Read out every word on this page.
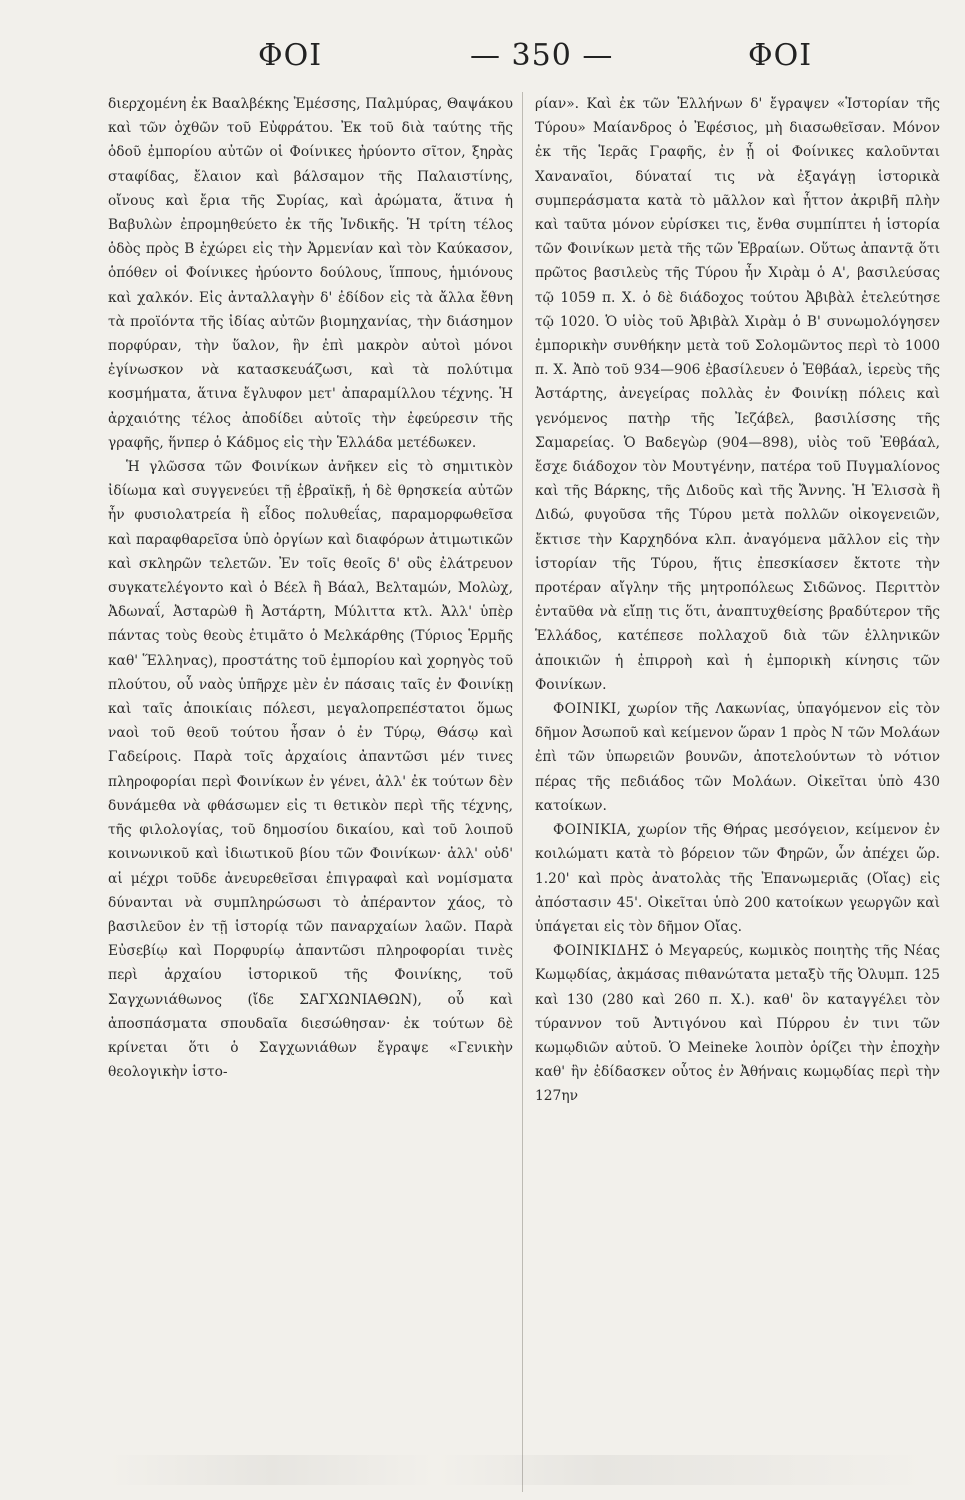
ΦΟΙ	— 350 —	ΦΟΙ

διερχομένη ἐκ Βααλβέκης Ἐμέσσης, Παλμύρας, Θαψάκου καὶ τῶν ὀχθῶν τοῦ Εὐφράτου. Ἐκ τοῦ διὰ ταύτης τῆς ὁδοῦ ἐμπορίου αὐτῶν οἱ Φοίνικες ἠρύοντο σῖτον, ξηρὰς σταφίδας, ἔλαιον καὶ βάλσαμον τῆς Παλαιστίνης, οἴνους καὶ ἔρια τῆς Συρίας, καὶ ἀρώματα, ἅτινα ἡ Βαβυλὼν ἐπρομηθεύετο ἐκ τῆς Ἰνδικῆς. Ἡ τρίτη τέλος ὁδὸς πρὸς Β ἐχώρει εἰς τὴν Ἀρμενίαν καὶ τὸν Καύκασον, ὁπόθεν οἱ Φοίνικες ἠρύοντο δούλους, ἵππους, ἡμιόνους καὶ χαλκόν. Εἰς ἀνταλλαγὴν δ' ἐδίδον εἰς τὰ ἄλλα ἔθνη τὰ προϊόντα τῆς ἰδίας αὐτῶν βιομηχανίας, τὴν διάσημον πορφύραν, τὴν ὕαλον, ἣν ἐπὶ μακρὸν αὐτοὶ μόνοι ἐγίνωσκον νὰ κατασκευάζωσι, καὶ τὰ πολύτιμα κοσμήματα, ἅτινα ἔγλυφον μετ' ἀπαραμίλλου τέχνης. Ἡ ἀρχαιότης τέλος ἀποδίδει αὐτοῖς τὴν ἐφεύρεσιν τῆς γραφῆς, ἥνπερ ὁ Κάδμος εἰς τὴν Ἑλλάδα μετέδωκεν.

Ἡ γλῶσσα τῶν Φοινίκων ἀνῆκεν εἰς τὸ σημιτικὸν ἰδίωμα καὶ συγγενεύει τῇ ἑβραϊκῇ, ἡ δὲ θρησκεία αὐτῶν ἦν φυσιολατρεία ἢ εἶδος πολυθεΐας, παραμορφωθεῖσα καὶ παραφθαρεῖσα ὑπὸ ὀργίων καὶ διαφόρων ἀτιμωτικῶν καὶ σκληρῶν τελετῶν. Ἐν τοῖς θεοῖς δ' οὓς ἐλάτρευον συγκατελέγοντο καὶ ὁ Βέελ ἢ Βάαλ, Βελταμών, Μολὼχ, Ἀδωναΐ, Ἀσταρὼθ ἢ Ἀστάρτη, Μύλιττα κτλ. Ἀλλ' ὑπὲρ πάντας τοὺς θεοὺς ἐτιμᾶτο ὁ Μελκάρθης (Τύριος Ἑρμῆς καθ' Ἕλληνας), προστάτης τοῦ ἐμπορίου καὶ χορηγὸς τοῦ πλούτου, οὗ ναὸς ὑπῆρχε μὲν ἐν πάσαις ταῖς ἐν Φοινίκῃ καὶ ταῖς ἀποικίαις πόλεσι, μεγαλοπρεπέστατοι ὅμως ναοὶ τοῦ θεοῦ τούτου ἦσαν ὁ ἐν Τύρῳ, Θάσῳ καὶ Γαδείροις. Παρὰ τοῖς ἀρχαίοις ἀπαντῶσι μέν τινες πληροφορίαι περὶ Φοινίκων ἐν γένει, ἀλλ' ἐκ τούτων δὲν δυνάμεθα νὰ φθάσωμεν εἰς τι θετικὸν περὶ τῆς τέχνης, τῆς φιλολογίας, τοῦ δημοσίου δικαίου, καὶ τοῦ λοιποῦ κοινωνικοῦ καὶ ἰδιωτικοῦ βίου τῶν Φοινίκων· ἀλλ' οὐδ' αἱ μέχρι τοῦδε ἀνευρεθεῖσαι ἐπιγραφαὶ καὶ νομίσματα δύνανται νὰ συμπληρώσωσι τὸ ἀπέραντον χάος, τὸ βασιλεῦον ἐν τῇ ἱστορίᾳ τῶν παναρχαίων λαῶν. Παρὰ Εὐσεβίῳ καὶ Πορφυρίῳ ἀπαντῶσι πληροφορίαι τινὲς περὶ ἀρχαίου ἱστορικοῦ τῆς Φοινίκης, τοῦ Σαγχωνιάθωνος (ἴδε ΣΑΓΧΩΝΙΑΘΩΝ), οὗ καὶ ἀποσπάσματα σπουδαῖα διεσώθησαν· ἐκ τούτων δὲ κρίνεται ὅτι ὁ Σαγχωνιάθων ἔγραψε «Γενικὴν θεολογικὴν ἱστο-

ρίαν». Καὶ ἐκ τῶν Ἑλλήνων δ' ἔγραψεν «Ἱστορίαν τῆς Τύρου» Μαίανδρος ὁ Ἐφέσιος, μὴ διασωθεῖσαν. Μόνον ἐκ τῆς Ἱερᾶς Γραφῆς, ἐν ᾗ οἱ Φοίνικες καλοῦνται Χαναναῖοι, δύναταί τις νὰ ἐξαγάγῃ ἱστορικὰ συμπεράσματα κατὰ τὸ μᾶλλον καὶ ἧττον ἀκριβῆ πλὴν καὶ ταῦτα μόνον εὑρίσκει τις, ἔνθα συμπίπτει ἡ ἱστορία τῶν Φοινίκων μετὰ τῆς τῶν Ἑβραίων. Οὕτως ἀπαντᾷ ὅτι πρῶτος βασιλεὺς τῆς Τύρου ἦν Χιρὰμ ὁ Α', βασιλεύσας τῷ 1059 π. Χ. ὁ δὲ διάδοχος τούτου Ἀβιβὰλ ἐτελεύτησε τῷ 1020. Ὁ υἱὸς τοῦ Ἀβιβὰλ Χιρὰμ ὁ Β' συνωμολόγησεν ἐμπορικὴν συνθήκην μετὰ τοῦ Σολομῶντος περὶ τὸ 1000 π. Χ. Ἀπὸ τοῦ 934—906 ἐβασίλευεν ὁ Ἐθβάαλ, ἱερεὺς τῆς Ἀστάρτης, ἀνεγείρας πολλὰς ἐν Φοινίκῃ πόλεις καὶ γενόμενος πατὴρ τῆς Ἰεζάβελ, βασιλίσσης τῆς Σαμαρείας. Ὁ Βαδεγὼρ (904—898), υἱὸς τοῦ Ἐθβάαλ, ἔσχε διάδοχον τὸν Μουτγένην, πατέρα τοῦ Πυγμαλίονος καὶ τῆς Βάρκης, τῆς Διδοῦς καὶ τῆς Ἄννης. Ἡ Ἐλισσὰ ἢ Διδώ, φυγοῦσα τῆς Τύρου μετὰ πολλῶν οἰκογενειῶν, ἔκτισε τὴν Καρχηδόνα κλπ. ἀναγόμενα μᾶλλον εἰς τὴν ἱστορίαν τῆς Τύρου, ἥτις ἐπεσκίασεν ἔκτοτε τὴν προτέραν αἴγλην τῆς μητροπόλεως Σιδῶνος. Περιττὸν ἐνταῦθα νὰ εἴπῃ τις ὅτι, ἀναπτυχθείσης βραδύτερον τῆς Ἑλλάδος, κατέπεσε πολλαχοῦ διὰ τῶν ἑλληνικῶν ἀποικιῶν ἡ ἐπιρροὴ καὶ ἡ ἐμπορικὴ κίνησις τῶν Φοινίκων.

ΦΟΙΝΙΚΙ, χωρίον τῆς Λακωνίας, ὑπαγόμενον εἰς τὸν δῆμον Ἀσωποῦ καὶ κείμενον ὥραν 1 πρὸς Ν τῶν Μολάων ἐπὶ τῶν ὑπωρειῶν βουνῶν, ἀποτελούντων τὸ νότιον πέρας τῆς πεδιάδος τῶν Μολάων. Οἰκεῖται ὑπὸ 430 κατοίκων.

ΦΟΙΝΙΚΙΑ, χωρίον τῆς Θήρας μεσόγειον, κείμενον ἐν κοιλώματι κατὰ τὸ βόρειον τῶν Φηρῶν, ὧν ἀπέχει ὥρ. 1.20' καὶ πρὸς ἀνατολὰς τῆς Ἐπανωμεριᾶς (Οἴας) εἰς ἀπόστασιν 45'. Οἰκεῖται ὑπὸ 200 κατοίκων γεωργῶν καὶ ὑπάγεται εἰς τὸν δῆμον Οἴας.

ΦΟΙΝΙΚΙΔΗΣ ὁ Μεγαρεύς, κωμικὸς ποιητὴς τῆς Νέας Κωμῳδίας, ἀκμάσας πιθανώτατα μεταξὺ τῆς Ὀλυμπ. 125 καὶ 130 (280 καὶ 260 π. Χ.). καθ' ὃν καταγγέλει τὸν τύραννον τοῦ Ἀντιγόνου καὶ Πύρρου ἐν τινι τῶν κωμῳδιῶν αὐτοῦ. Ὁ Meineke λοιπὸν ὁρίζει τὴν ἐποχὴν καθ' ἣν ἐδίδασκεν οὗτος ἐν Ἀθήναις κωμῳδίας περὶ τὴν 127ην
